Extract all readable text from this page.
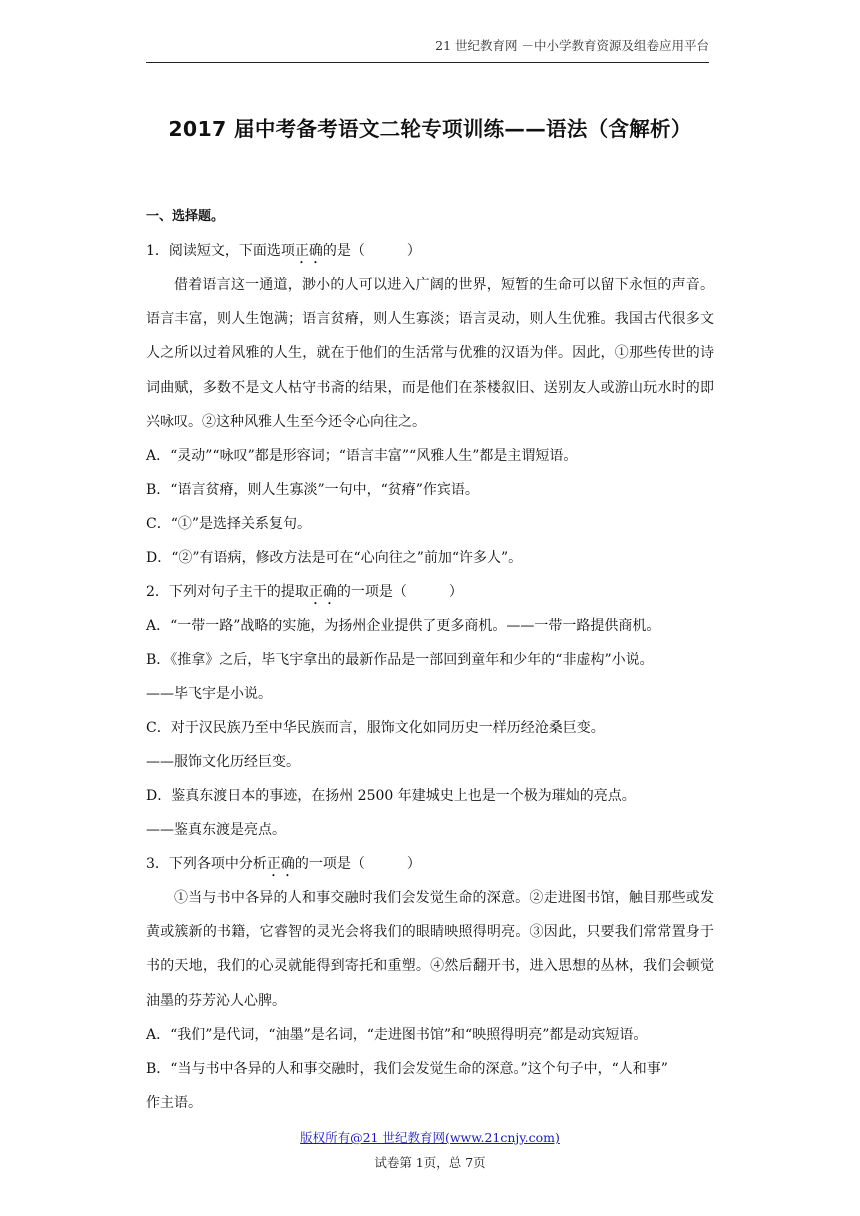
21 世纪教育网 －中小学教育资源及组卷应用平台
2017 届中考备考语文二轮专项训练——语法（含解析）
一、选择题。
1．阅读短文，下面选项正确的是（　　　）

借着语言这一通道，渺小的人可以进入广阔的世界，短暂的生命可以留下永恒的声音。语言丰富，则人生饱满；语言贫瘠，则人生寡淡；语言灵动，则人生优雅。我国古代很多文人之所以过着风雅的人生，就在于他们的生活常与优雅的汉语为伴。因此，①那些传世的诗词曲赋，多数不是文人枯守书斋的结果，而是他们在茶楼叙旧、送别友人或游山玩水时的即兴咏叹。②这种风雅人生至今还令心向往之。

A．“灵动”“咏叹”都是形容词；“语言丰富”“风雅人生”都是主谓短语。
B．“语言贫瘠，则人生寡淡”一句中，“贫瘠”作宾语。
C．“①”是选择关系复句。
D．“②”有语病，修改方法是可在“心向往之”前加“许多人”。
2．下列对句子主干的提取正确的一项是（　　　）
A．“一带一路”战略的实施，为扬州企业提供了更多商机。——一带一路提供商机。
B．《推拿》之后，毕飞宇拿出的最新作品是一部回到童年和少年的“非虚构”小说。
——毕飞宇是小说。
C．对于汉民族乃至中华民族而言，服饰文化如同历史一样历经沧桑巨变。
——服饰文化历经巨变。
D．鉴真东渡日本的事迹，在扬州 2500 年建城史上也是一个极为璀灿的亮点。
——鉴真东渡是亮点。
3．下列各项中分析正确的一项是（　　　）

①当与书中各异的人和事交融时我们会发觉生命的深意。②走进图书馆，触目那些或发黄或簇新的书籍，它睿智的灵光会将我们的眼睛映照得明亮。③因此，只要我们常常置身于书的天地，我们的心灵就能得到寄托和重塑。④然后翻开书，进入思想的丛林，我们会顿觉油墨的芬芳沁人心脾。

A．“我们”是代词，“油墨”是名词，“走进图书馆”和“映照得明亮”都是动宾短语。
B．“当与书中各异的人和事交融时，我们会发觉生命的深意。”这个句子中，“人和事”
作主语。
版权所有@21 世纪教育网(www.21cnjy.com)
试卷第 1页，总 7页
